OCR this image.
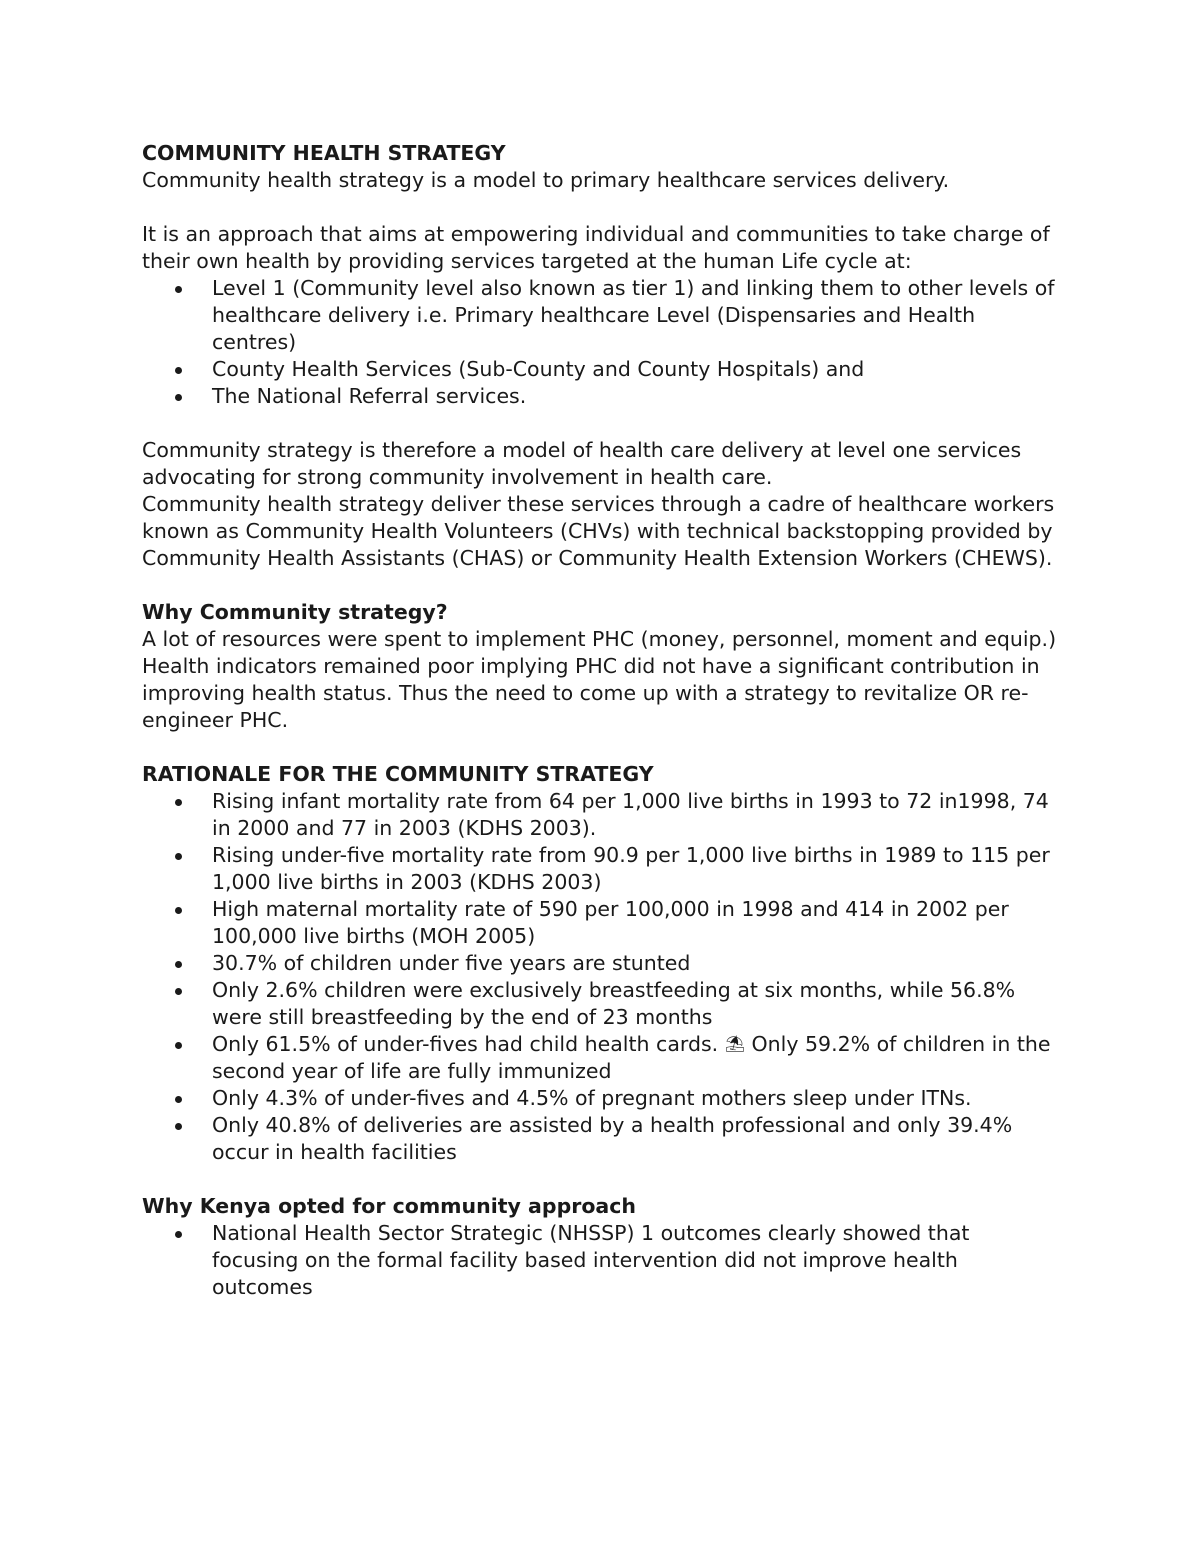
COMMUNITY HEALTH STRATEGY

Community health strategy is a model to primary healthcare services delivery.

It is an approach that aims at empowering individual and communities to take charge of their own health by providing services targeted at the human Life cycle at:

Level 1 (Community level also known as tier 1) and linking them to other levels of healthcare delivery i.e. Primary healthcare Level (Dispensaries and Health centres)
County Health Services (Sub-County and County Hospitals) and
The National Referral services.

Community strategy is therefore a model of health care delivery at level one services advocating for strong community involvement in health care.

Community health strategy deliver these services through a cadre of healthcare workers known as Community Health Volunteers (CHVs) with technical backstopping provided by Community Health Assistants (CHAS) or Community Health Extension Workers (CHEWS).

Why Community strategy?

A lot of resources were spent to implement PHC (money, personnel, moment and equip.)

Health indicators remained poor implying PHC did not have a significant contribution in improving health status. Thus the need to come up with a strategy to revitalize OR re-engineer PHC.

RATIONALE FOR THE COMMUNITY STRATEGY

Rising infant mortality rate from 64 per 1,000 live births in 1993 to 72 in1998, 74 in 2000 and 77 in 2003 (KDHS 2003).
Rising under-five mortality rate from 90.9 per 1,000 live births in 1989 to 115 per 1,000 live births in 2003 (KDHS 2003)
High maternal mortality rate of 590 per 100,000 in 1998 and 414 in 2002 per 100,000 live births (MOH 2005)
30.7% of children under five years are stunted
Only 2.6% children were exclusively breastfeeding at six months, while 56.8% were still breastfeeding by the end of 23 months
Only 61.5% of under-fives had child health cards. ⛱ Only 59.2% of children in the second year of life are fully immunized
Only 4.3% of under-fives and 4.5% of pregnant mothers sleep under ITNs.
Only 40.8% of deliveries are assisted by a health professional and only 39.4% occur in health facilities

Why Kenya opted for community approach

National Health Sector Strategic (NHSSP) 1 outcomes clearly showed that focusing on the formal facility based intervention did not improve health outcomes
